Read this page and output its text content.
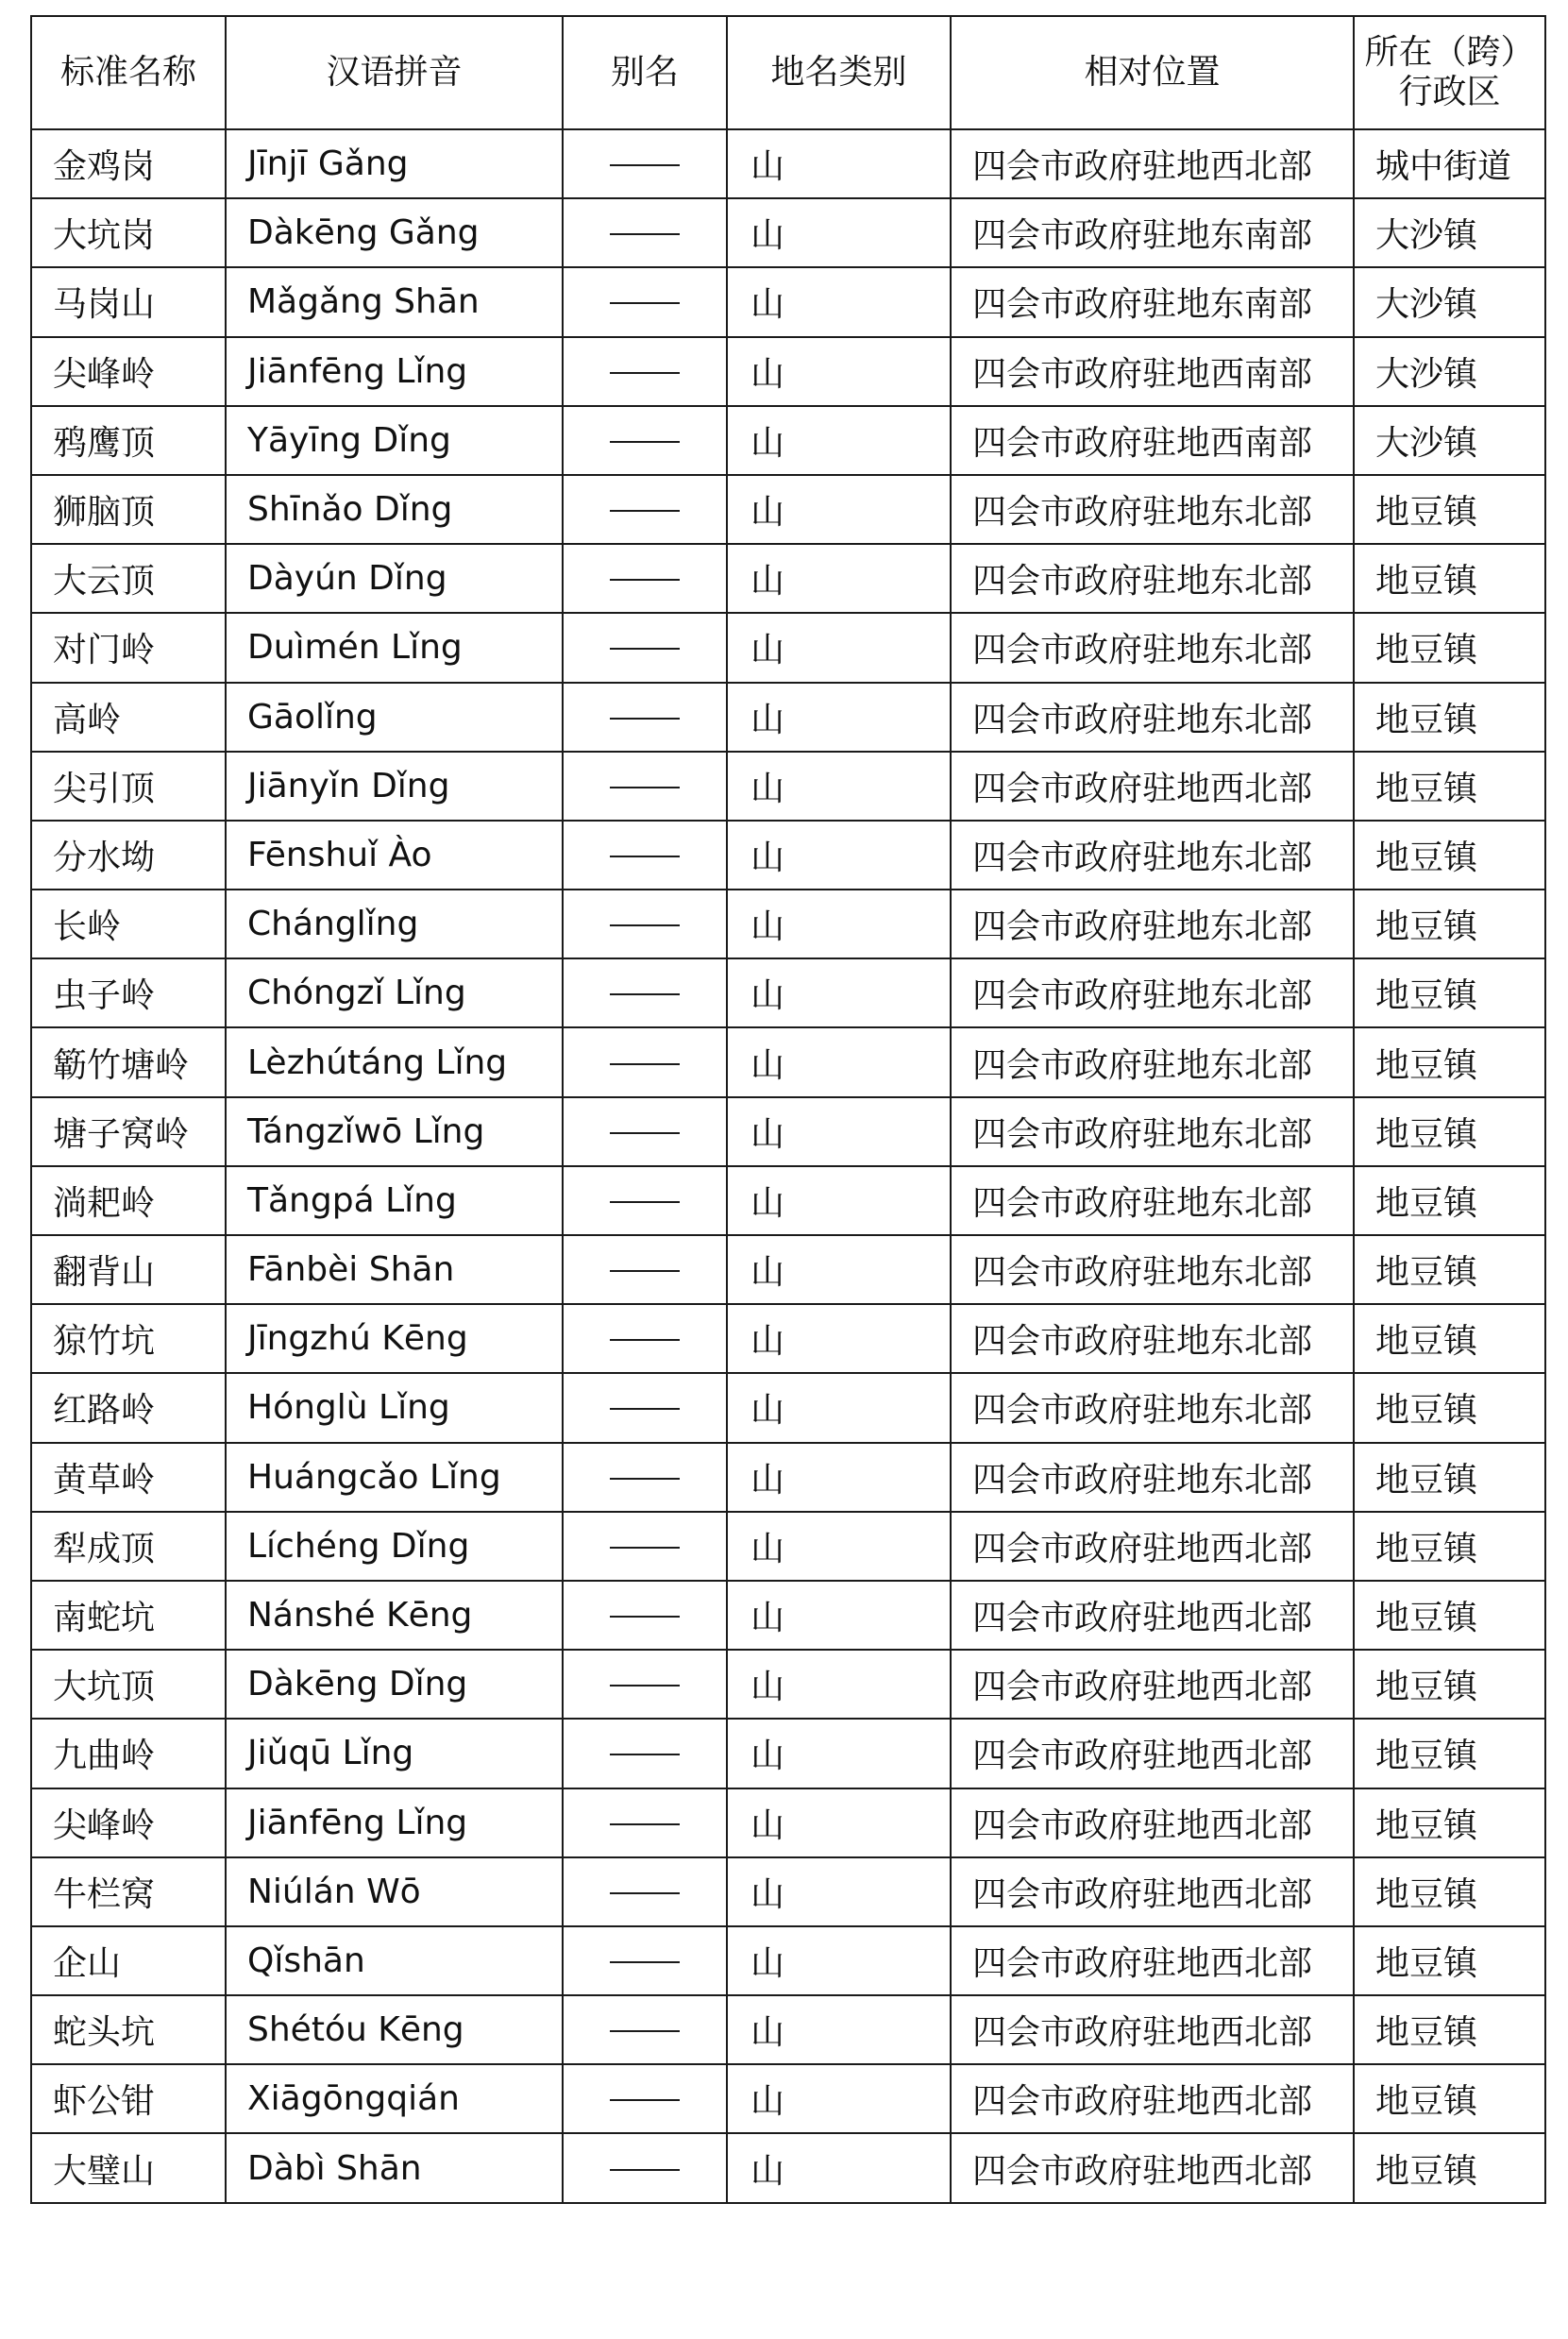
标准名称	汉语拼音	别名	地名类别	相对位置	所在（跨）
行政区

金鸡岗	Jīnjī Gǎng		山	四会市政府驻地西北部	城中街道
大坑岗	Dàkēng Gǎng		山	四会市政府驻地东南部	大沙镇
马岗山	Mǎgǎng Shān		山	四会市政府驻地东南部	大沙镇
尖峰岭	Jiānfēng Lǐng		山	四会市政府驻地西南部	大沙镇
鸦鹰顶	Yāyīng Dǐng		山	四会市政府驻地西南部	大沙镇
狮脑顶	Shīnǎo Dǐng		山	四会市政府驻地东北部	地豆镇
大云顶	Dàyún Dǐng		山	四会市政府驻地东北部	地豆镇
对门岭	Duìmén Lǐng		山	四会市政府驻地东北部	地豆镇
高岭	Gāolǐng		山	四会市政府驻地东北部	地豆镇
尖引顶	Jiānyǐn Dǐng		山	四会市政府驻地西北部	地豆镇
分水坳	Fēnshuǐ Ào		山	四会市政府驻地东北部	地豆镇
长岭	Chánglǐng		山	四会市政府驻地东北部	地豆镇
虫子岭	Chóngzǐ Lǐng		山	四会市政府驻地东北部	地豆镇
簕竹塘岭	Lèzhútáng Lǐng		山	四会市政府驻地东北部	地豆镇
塘子窝岭	Tángzǐwō Lǐng		山	四会市政府驻地东北部	地豆镇
淌耙岭	Tǎngpá Lǐng		山	四会市政府驻地东北部	地豆镇
翻背山	Fānbèi Shān		山	四会市政府驻地东北部	地豆镇
猄竹坑	Jīngzhú Kēng		山	四会市政府驻地东北部	地豆镇
红路岭	Hónglù Lǐng		山	四会市政府驻地东北部	地豆镇
黄草岭	Huángcǎo Lǐng		山	四会市政府驻地东北部	地豆镇
犁成顶	Líchéng Dǐng		山	四会市政府驻地西北部	地豆镇
南蛇坑	Nánshé Kēng		山	四会市政府驻地西北部	地豆镇
大坑顶	Dàkēng Dǐng		山	四会市政府驻地西北部	地豆镇
九曲岭	Jiǔqū Lǐng		山	四会市政府驻地西北部	地豆镇
尖峰岭	Jiānfēng Lǐng		山	四会市政府驻地西北部	地豆镇
牛栏窝	Niúlán Wō		山	四会市政府驻地西北部	地豆镇
企山	Qǐshān		山	四会市政府驻地西北部	地豆镇
蛇头坑	Shétóu Kēng		山	四会市政府驻地西北部	地豆镇
虾公钳	Xiāgōngqián		山	四会市政府驻地西北部	地豆镇
大璧山	Dàbì Shān		山	四会市政府驻地西北部	地豆镇
